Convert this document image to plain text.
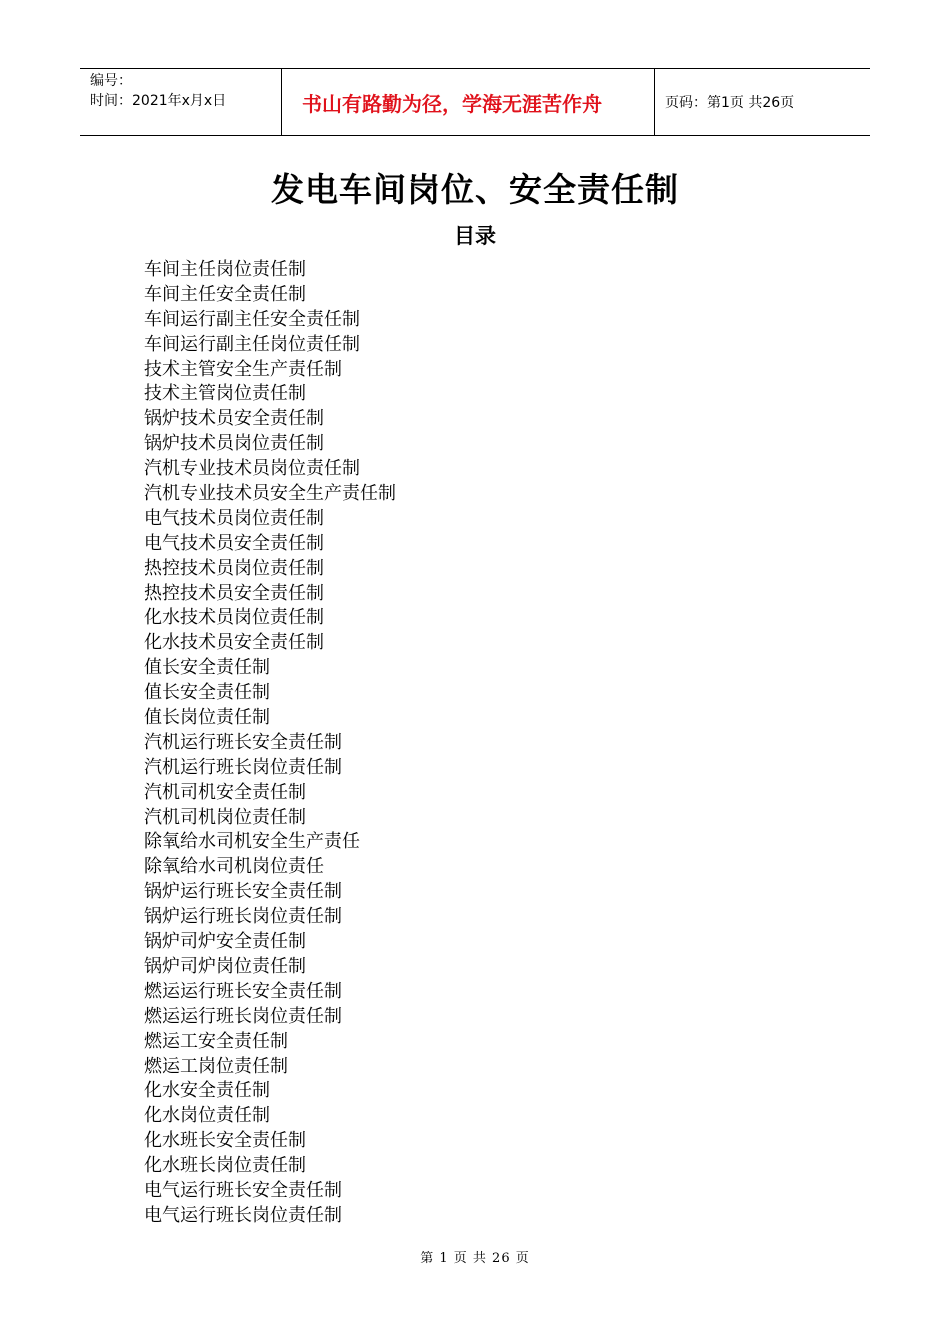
编号：
时间：2021年x月x日	书山有路勤为径，学海无涯苦作舟	页码：第1页 共26页
发电车间岗位、安全责任制
目录
车间主任岗位责任制
车间主任安全责任制
车间运行副主任安全责任制
车间运行副主任岗位责任制
技术主管安全生产责任制
技术主管岗位责任制
锅炉技术员安全责任制
锅炉技术员岗位责任制
汽机专业技术员岗位责任制
汽机专业技术员安全生产责任制
电气技术员岗位责任制
电气技术员安全责任制
热控技术员岗位责任制
热控技术员安全责任制
化水技术员岗位责任制
化水技术员安全责任制
值长安全责任制
值长安全责任制
值长岗位责任制
汽机运行班长安全责任制
汽机运行班长岗位责任制
汽机司机安全责任制
汽机司机岗位责任制
除氧给水司机安全生产责任
除氧给水司机岗位责任
锅炉运行班长安全责任制
锅炉运行班长岗位责任制
锅炉司炉安全责任制
锅炉司炉岗位责任制
燃运运行班长安全责任制
燃运运行班长岗位责任制
燃运工安全责任制
燃运工岗位责任制
化水安全责任制
化水岗位责任制
化水班长安全责任制
化水班长岗位责任制
电气运行班长安全责任制
电气运行班长岗位责任制
第 1 页 共 26 页
